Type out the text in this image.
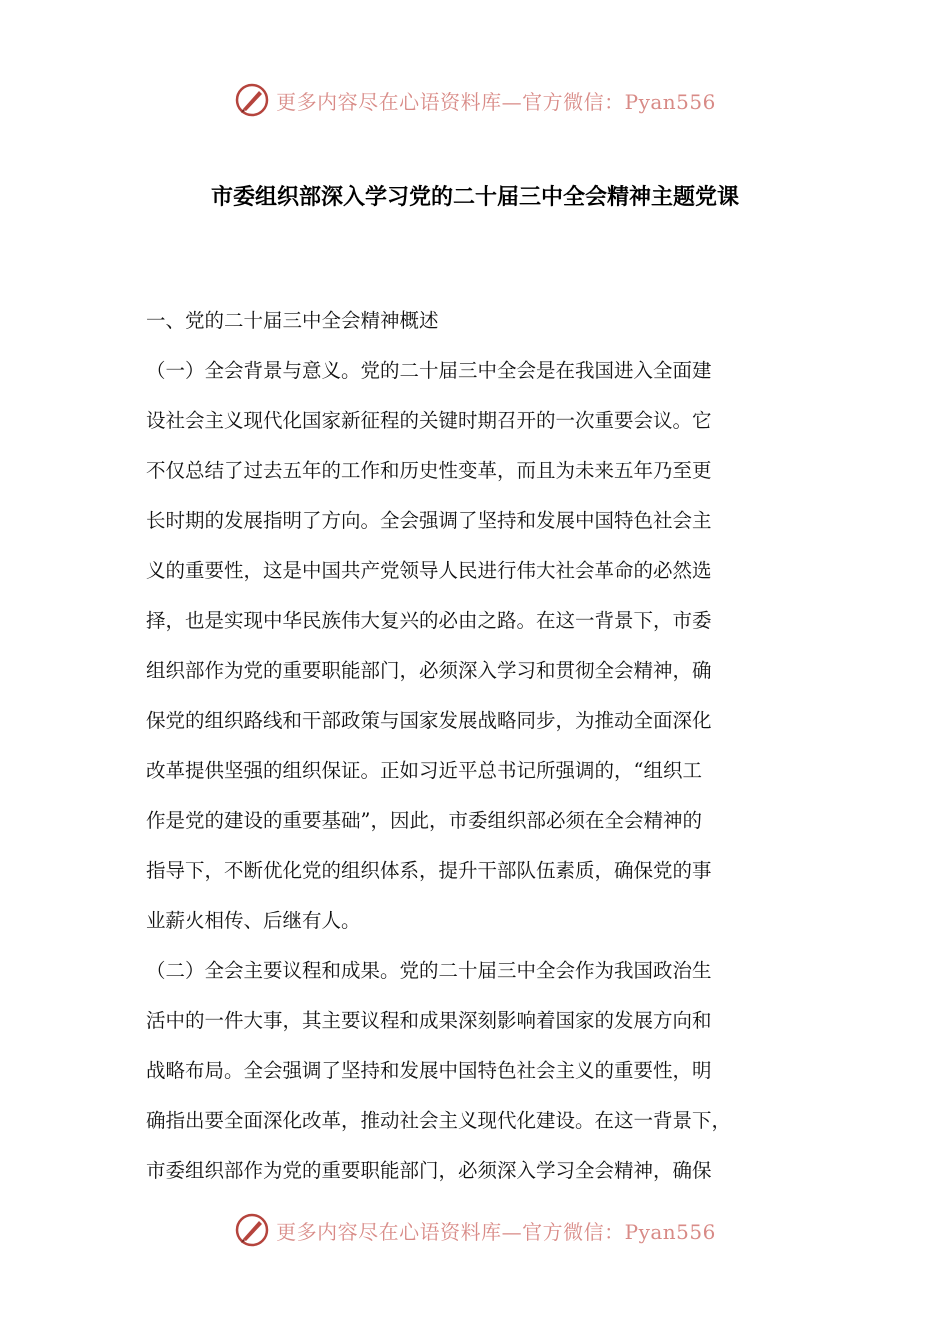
更多内容尽在心语资料库—官方微信：Pyan556
市委组织部深入学习党的二十届三中全会精神主题党课
一、党的二十届三中全会精神概述
（一）全会背景与意义。党的二十届三中全会是在我国进入全面建
设社会主义现代化国家新征程的关键时期召开的一次重要会议。它
不仅总结了过去五年的工作和历史性变革，而且为未来五年乃至更
长时期的发展指明了方向。全会强调了坚持和发展中国特色社会主
义的重要性，这是中国共产党领导人民进行伟大社会革命的必然选
择，也是实现中华民族伟大复兴的必由之路。在这一背景下，市委
组织部作为党的重要职能部门，必须深入学习和贯彻全会精神，确
保党的组织路线和干部政策与国家发展战略同步，为推动全面深化
改革提供坚强的组织保证。正如习近平总书记所强调的，“组织工
作是党的建设的重要基础”，因此，市委组织部必须在全会精神的
指导下，不断优化党的组织体系，提升干部队伍素质，确保党的事
业薪火相传、后继有人。
（二）全会主要议程和成果。党的二十届三中全会作为我国政治生
活中的一件大事，其主要议程和成果深刻影响着国家的发展方向和
战略布局。全会强调了坚持和发展中国特色社会主义的重要性，明
确指出要全面深化改革，推动社会主义现代化建设。在这一背景下，
市委组织部作为党的重要职能部门，必须深入学习全会精神，确保
更多内容尽在心语资料库—官方微信：Pyan556
